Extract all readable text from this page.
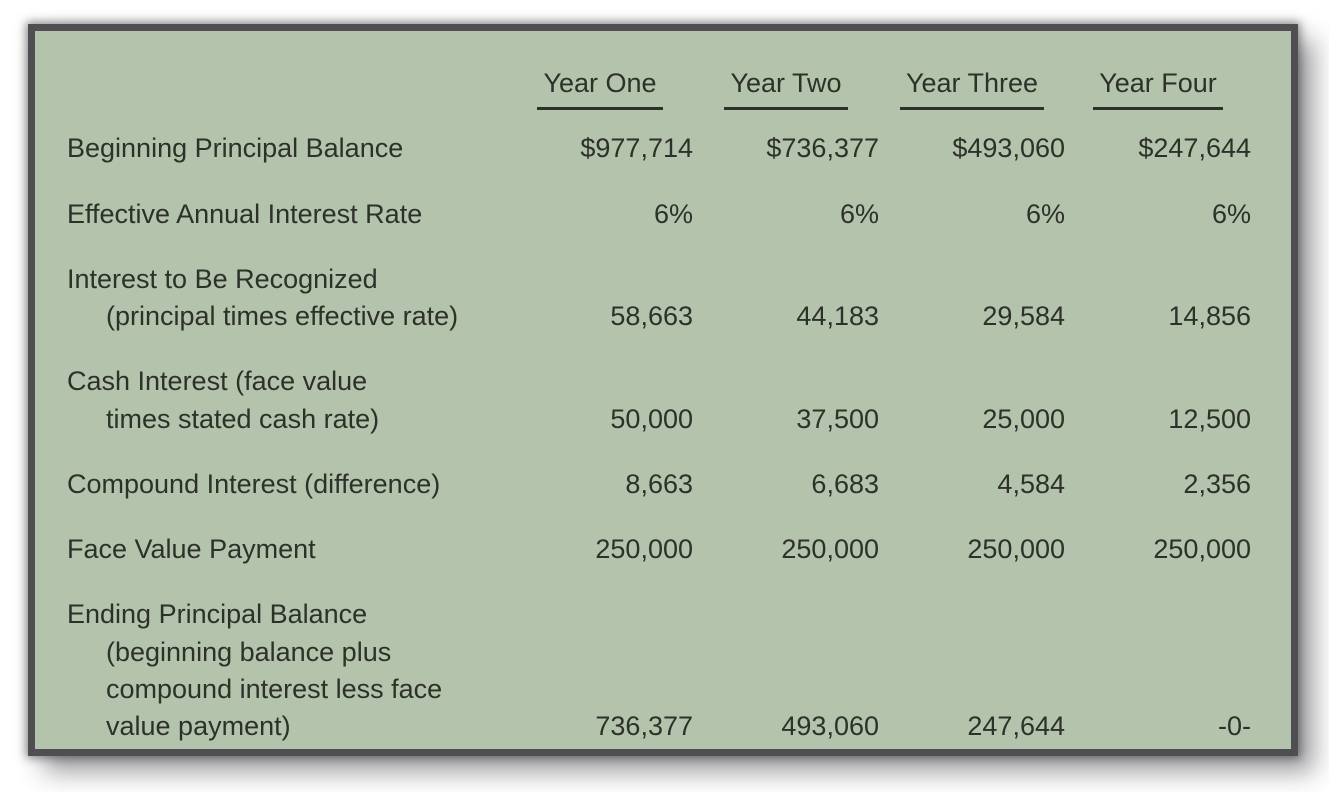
	Year One	Year Two	Year Three	Year Four

Beginning Principal Balance	$977,714	$736,377	$493,060	$247,644

Effective Annual Interest Rate	6%	6%	6%	6%

Interest to Be Recognized
(principal times effective rate)	58,663	44,183	29,584	14,856

Cash Interest (face value
times stated cash rate)	50,000	37,500	25,000	12,500

Compound Interest (difference)	8,663	6,683	4,584	2,356

Face Value Payment	250,000	250,000	250,000	250,000

Ending Principal Balance
(beginning balance plus
compound interest less face
value payment)	736,377	493,060	247,644	-0-
